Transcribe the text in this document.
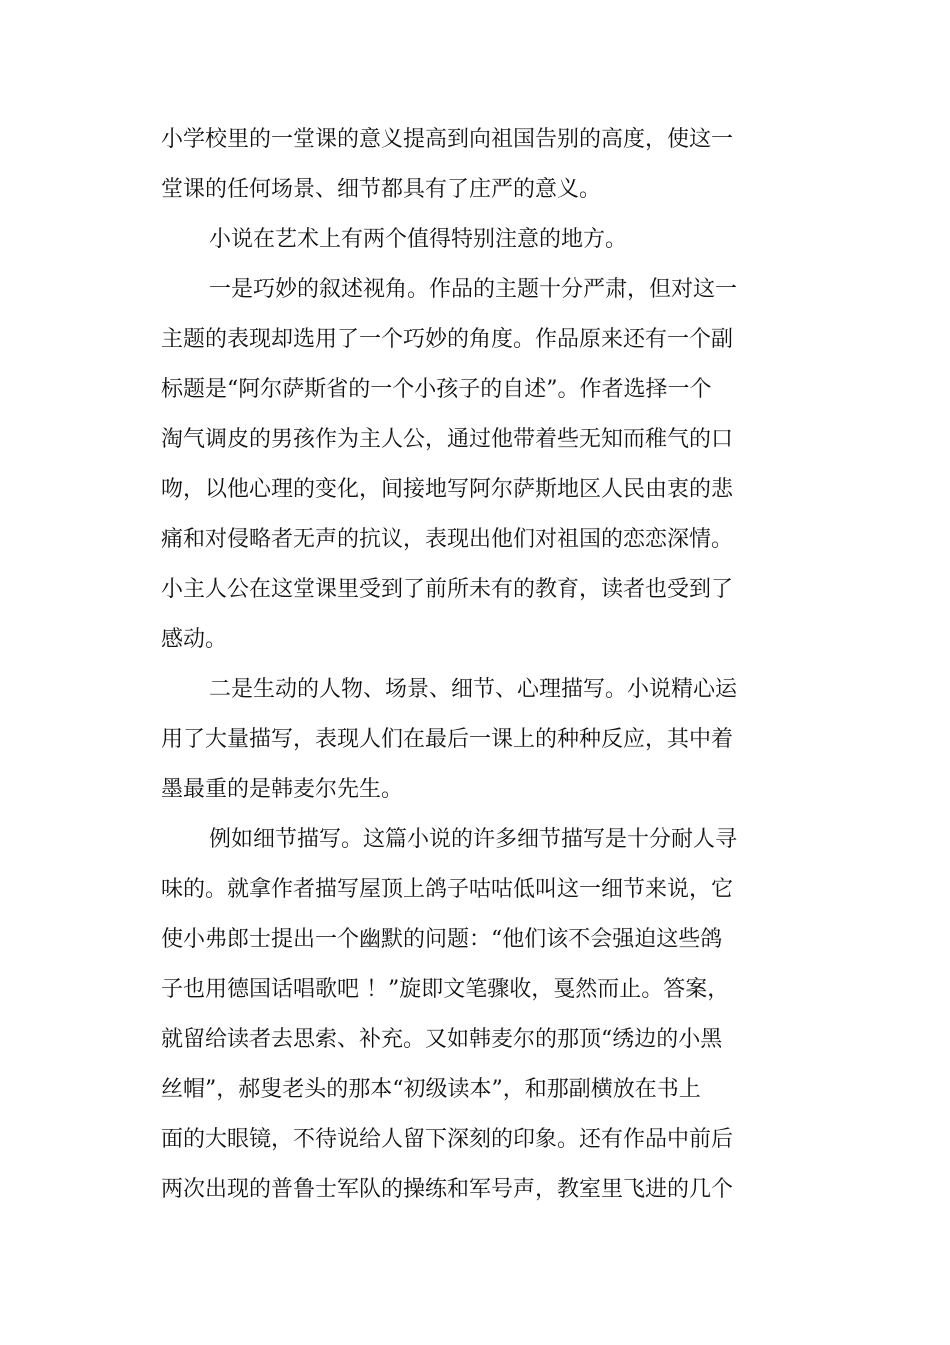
小学校里的一堂课的意义提高到向祖国告别的高度，使这一
堂课的任何场景、细节都具有了庄严的意义。
小说在艺术上有两个值得特别注意的地方。
一是巧妙的叙述视角。作品的主题十分严肃，但对这一
主题的表现却选用了一个巧妙的角度。作品原来还有一个副
标题是“阿尔萨斯省的一个小孩子的自述”。作者选择一个
淘气调皮的男孩作为主人公，通过他带着些无知而稚气的口
吻，以他心理的变化，间接地写阿尔萨斯地区人民由衷的悲
痛和对侵略者无声的抗议，表现出他们对祖国的恋恋深情。
小主人公在这堂课里受到了前所未有的教育，读者也受到了
感动。
二是生动的人物、场景、细节、心理描写。小说精心运
用了大量描写，表现人们在最后一课上的种种反应，其中着
墨最重的是韩麦尔先生。
例如细节描写。这篇小说的许多细节描写是十分耐人寻
味的。就拿作者描写屋顶上鸽子咕咕低叫这一细节来说，它
使小弗郎士提出一个幽默的问题：“他们该不会强迫这些鸽
子也用德国话唱歌吧 ！”旋即文笔骤收，戛然而止。答案，
就留给读者去思索、补充。又如韩麦尔的那顶“绣边的小黑
丝帽”，郝叟老头的那本“初级读本”，和那副横放在书上
面的大眼镜，不待说给人留下深刻的印象。还有作品中前后
两次出现的普鲁士军队的操练和军号声，教室里飞进的几个
